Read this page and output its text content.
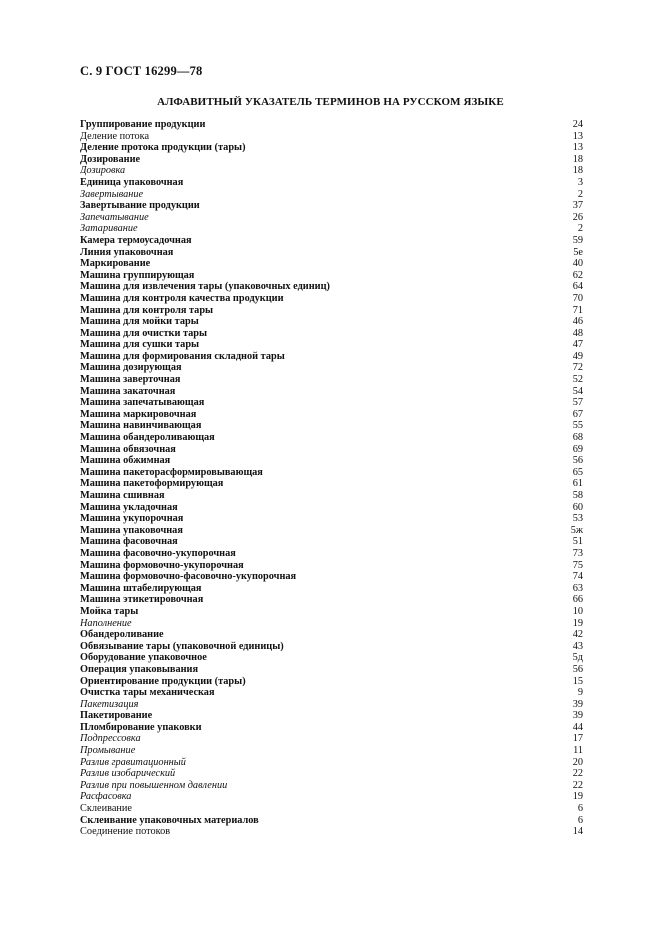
С. 9 ГОСТ 16299—78
АЛФАВИТНЫЙ УКАЗАТЕЛЬ ТЕРМИНОВ НА РУССКОМ ЯЗЫКЕ
Группирование продукции	24
Деление потока	13
Деление протока продукции (тары)	13
Дозирование	18
Дозировка	18
Единица упаковочная	3
Завертывание	2
Завертывание продукции	37
Запечатывание	26
Затаривание	2
Камера термоусадочная	59
Линия упаковочная	5е
Маркирование	40
Машина группирующая	62
Машина для извлечения тары (упаковочных единиц)	64
Машина для контроля качества продукции	70
Машина для контроля тары	71
Машина для мойки тары	46
Машина для очистки тары	48
Машина для сушки тары	47
Машина для формирования складной тары	49
Машина дозирующая	72
Машина заверточная	52
Машина закаточная	54
Машина запечатывающая	57
Машина маркировочная	67
Машина навинчивающая	55
Машина обандероливающая	68
Машина обвязочная	69
Машина обжимная	56
Машина пакеторасформировывающая	65
Машина пакетоформирующая	61
Машина сшивная	58
Машина укладочная	60
Машина укупорочная	53
Машина упаковочная	5ж
Машина фасовочная	51
Машина фасовочно-укупорочная	73
Машина формовочно-укупорочная	75
Машина формовочно-фасовочно-укупорочная	74
Машина штабелирующая	63
Машина этикетировочная	66
Мойка тары	10
Наполнение	19
Обандероливание	42
Обвязывание тары (упаковочной единицы)	43
Оборудование упаковочное	5д
Операция упаковывания	56
Ориентирование продукции (тары)	15
Очистка тары механическая	9
Пакетизация	39
Пакетирование	39
Пломбирование упаковки	44
Подпрессовка	17
Промывание	11
Разлив гравитационный	20
Разлив изобарический	22
Разлив при повышенном давлении	22
Расфасовка	19
Склеивание	6
Склеивание упаковочных материалов	6
Соединение потоков	14
